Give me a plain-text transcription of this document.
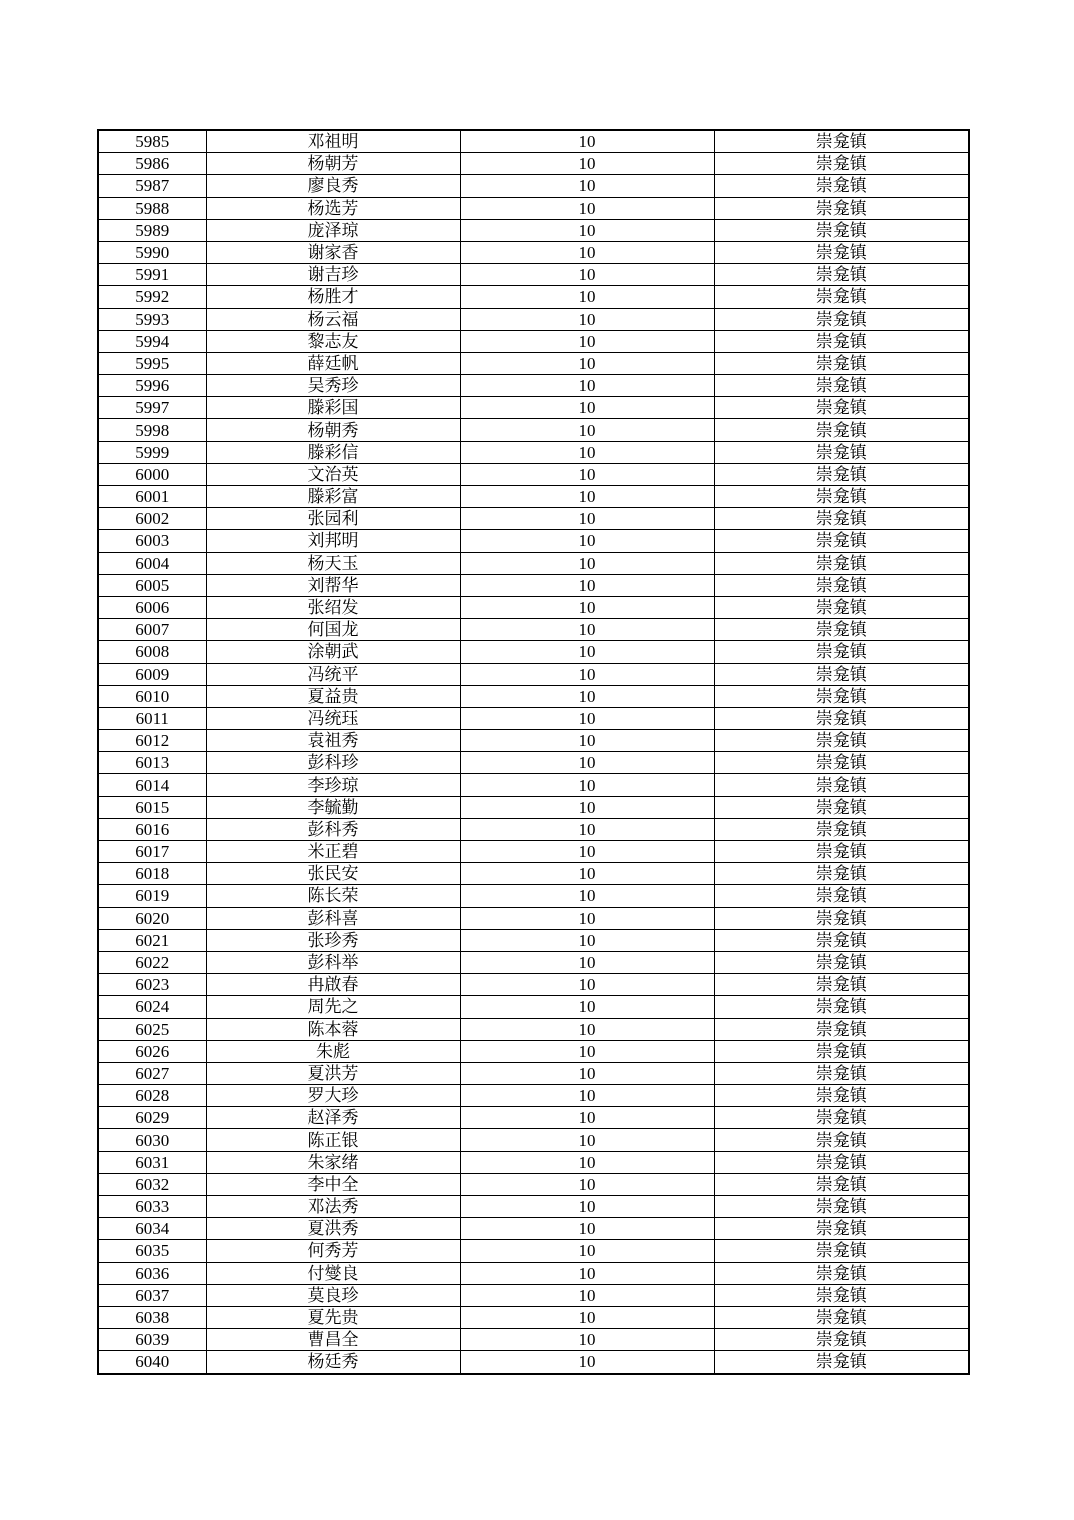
5985	邓祖明	10	崇龛镇
5986	杨朝芳	10	崇龛镇
5987	廖良秀	10	崇龛镇
5988	杨选芳	10	崇龛镇
5989	庞泽琼	10	崇龛镇
5990	谢家香	10	崇龛镇
5991	谢吉珍	10	崇龛镇
5992	杨胜才	10	崇龛镇
5993	杨云福	10	崇龛镇
5994	黎志友	10	崇龛镇
5995	薛廷帆	10	崇龛镇
5996	吴秀珍	10	崇龛镇
5997	滕彩国	10	崇龛镇
5998	杨朝秀	10	崇龛镇
5999	滕彩信	10	崇龛镇
6000	文治英	10	崇龛镇
6001	滕彩富	10	崇龛镇
6002	张园利	10	崇龛镇
6003	刘邦明	10	崇龛镇
6004	杨天玉	10	崇龛镇
6005	刘帮华	10	崇龛镇
6006	张绍发	10	崇龛镇
6007	何国龙	10	崇龛镇
6008	涂朝武	10	崇龛镇
6009	冯统平	10	崇龛镇
6010	夏益贵	10	崇龛镇
6011	冯统珏	10	崇龛镇
6012	袁祖秀	10	崇龛镇
6013	彭科珍	10	崇龛镇
6014	李珍琼	10	崇龛镇
6015	李毓勤	10	崇龛镇
6016	彭科秀	10	崇龛镇
6017	米正碧	10	崇龛镇
6018	张民安	10	崇龛镇
6019	陈长荣	10	崇龛镇
6020	彭科喜	10	崇龛镇
6021	张珍秀	10	崇龛镇
6022	彭科举	10	崇龛镇
6023	冉啟春	10	崇龛镇
6024	周先之	10	崇龛镇
6025	陈本蓉	10	崇龛镇
6026	朱彪	10	崇龛镇
6027	夏洪芳	10	崇龛镇
6028	罗大珍	10	崇龛镇
6029	赵泽秀	10	崇龛镇
6030	陈正银	10	崇龛镇
6031	朱家绪	10	崇龛镇
6032	李中全	10	崇龛镇
6033	邓法秀	10	崇龛镇
6034	夏洪秀	10	崇龛镇
6035	何秀芳	10	崇龛镇
6036	付燮良	10	崇龛镇
6037	莫良珍	10	崇龛镇
6038	夏先贵	10	崇龛镇
6039	曹昌全	10	崇龛镇
6040	杨廷秀	10	崇龛镇
